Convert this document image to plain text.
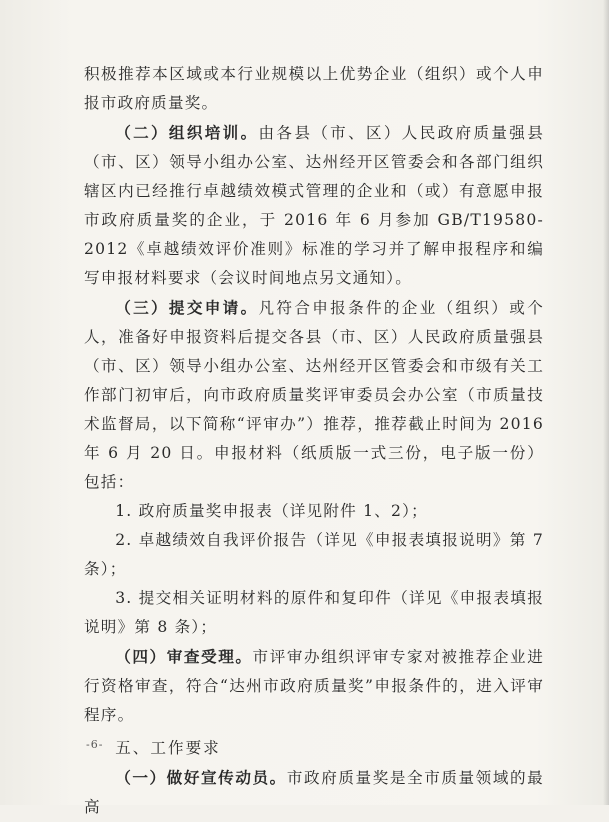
积极推荐本区域或本行业规模以上优势企业（组织）或个人申报市政府质量奖。

（二）组织培训。由各县（市、区）人民政府质量强县（市、区）领导小组办公室、达州经开区管委会和各部门组织辖区内已经推行卓越绩效模式管理的企业和（或）有意愿申报市政府质量奖的企业，于 2016 年 6 月参加 GB/T19580-2012《卓越绩效评价准则》标准的学习并了解申报程序和编写申报材料要求（会议时间地点另文通知）。

（三）提交申请。凡符合申报条件的企业（组织）或个人，准备好申报资料后提交各县（市、区）人民政府质量强县（市、区）领导小组办公室、达州经开区管委会和市级有关工作部门初审后，向市政府质量奖评审委员会办公室（市质量技术监督局，以下简称“评审办”）推荐，推荐截止时间为 2016 年 6 月 20 日。申报材料（纸质版一式三份，电子版一份）包括：

1. 政府质量奖申报表（详见附件 1、2）；

2. 卓越绩效自我评价报告（详见《申报表填报说明》第 7 条）；

3. 提交相关证明材料的原件和复印件（详见《申报表填报说明》第 8 条）；

（四）审查受理。市评审办组织评审专家对被推荐企业进行资格审查，符合“达州市政府质量奖”申报条件的，进入评审程序。

五、工作要求

（一）做好宣传动员。市政府质量奖是全市质量领域的最高

-6-
